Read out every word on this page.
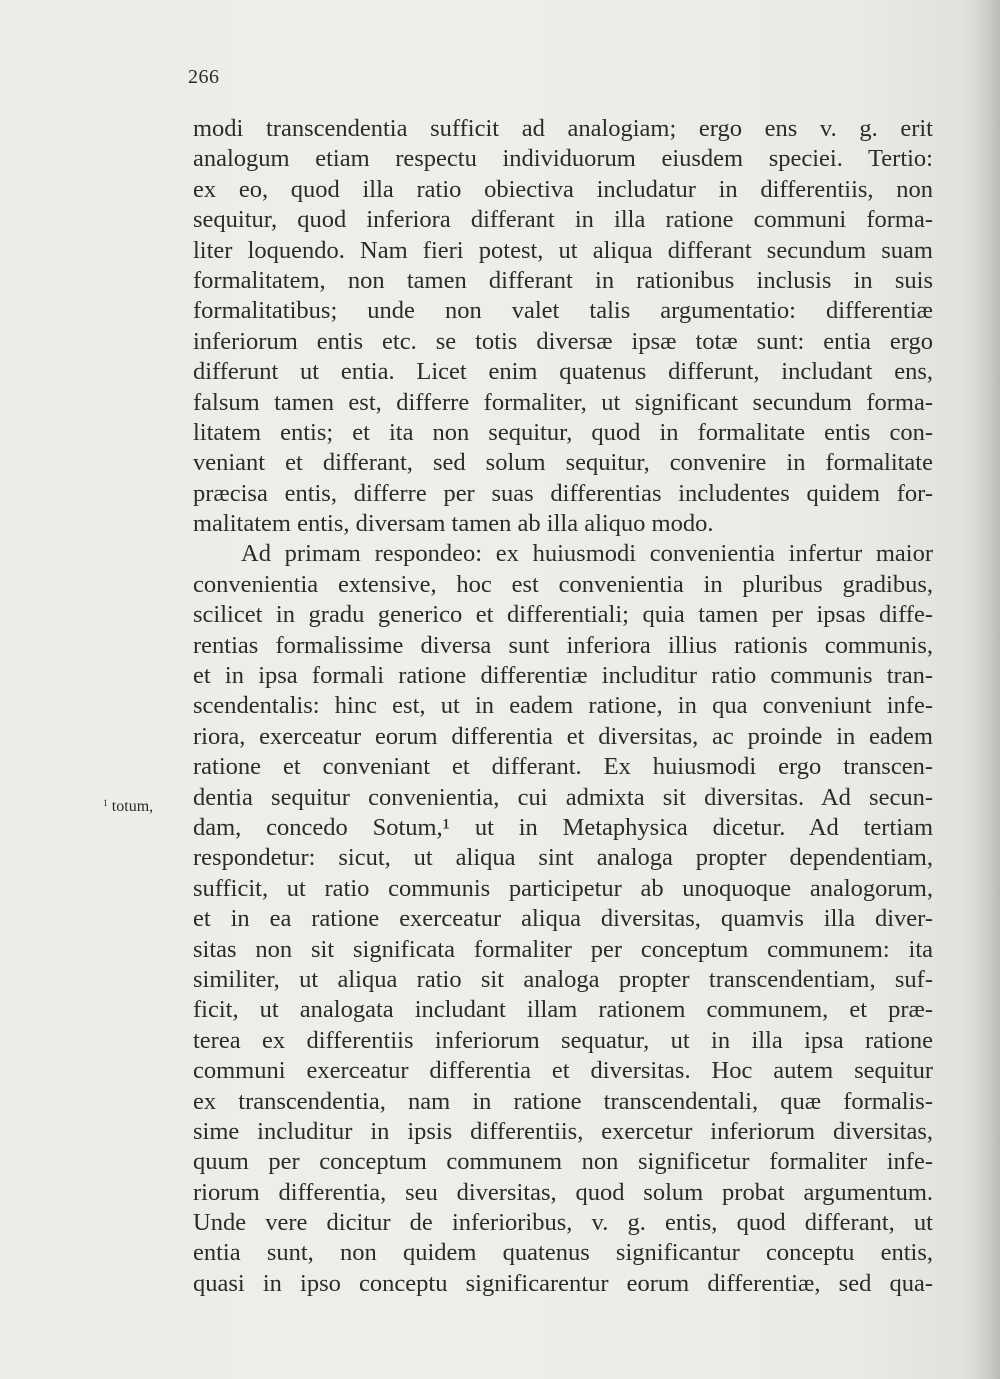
266
$^1$ totum,
modi transcendentia sufficit ad analogiam; ergo ens v. g. erit
analogum etiam respectu individuorum eiusdem speciei. Tertio:
ex eo, quod illa ratio obiectiva includatur in differentiis, non
sequitur, quod inferiora differant in illa ratione communi forma-
liter loquendo. Nam fieri potest, ut aliqua differant secundum suam
formalitatem, non tamen differant in rationibus inclusis in suis
formalitatibus; unde non valet talis argumentatio: differentiæ
inferiorum entis etc. se totis diversæ ipsæ totæ sunt: entia ergo
differunt ut entia. Licet enim quatenus differunt, includant ens,
falsum tamen est, differre formaliter, ut significant secundum forma-
litatem entis; et ita non sequitur, quod in formalitate entis con-
veniant et differant, sed solum sequitur, convenire in formalitate
præcisa entis, differre per suas differentias includentes quidem for-
malitatem entis, diversam tamen ab illa aliquo modo.
Ad primam respondeo: ex huiusmodi convenientia infertur maior
convenientia extensive, hoc est convenientia in pluribus gradibus,
scilicet in gradu generico et differentiali; quia tamen per ipsas diffe-
rentias formalissime diversa sunt inferiora illius rationis communis,
et in ipsa formali ratione differentiæ includitur ratio communis tran-
scendentalis: hinc est, ut in eadem ratione, in qua conveniunt infe-
riora, exerceatur eorum differentia et diversitas, ac proinde in eadem
ratione et conveniant et differant. Ex huiusmodi ergo transcen-
dentia sequitur convenientia, cui admixta sit diversitas. Ad secun-
dam, concedo Sotum,¹ ut in Metaphysica dicetur. Ad tertiam
respondetur: sicut, ut aliqua sint analoga propter dependentiam,
sufficit, ut ratio communis participetur ab unoquoque analogorum,
et in ea ratione exerceatur aliqua diversitas, quamvis illa diver-
sitas non sit significata formaliter per conceptum communem: ita
similiter, ut aliqua ratio sit analoga propter transcendentiam, suf-
ficit, ut analogata includant illam rationem communem, et præ-
terea ex differentiis inferiorum sequatur, ut in illa ipsa ratione
communi exerceatur differentia et diversitas. Hoc autem sequitur
ex transcendentia, nam in ratione transcendentali, quæ formalis-
sime includitur in ipsis differentiis, exercetur inferiorum diversitas,
quum per conceptum communem non significetur formaliter infe-
riorum differentia, seu diversitas, quod solum probat argumentum.
Unde vere dicitur de inferioribus, v. g. entis, quod differant, ut
entia sunt, non quidem quatenus significantur conceptu entis,
quasi in ipso conceptu significarentur eorum differentiæ, sed qua-
